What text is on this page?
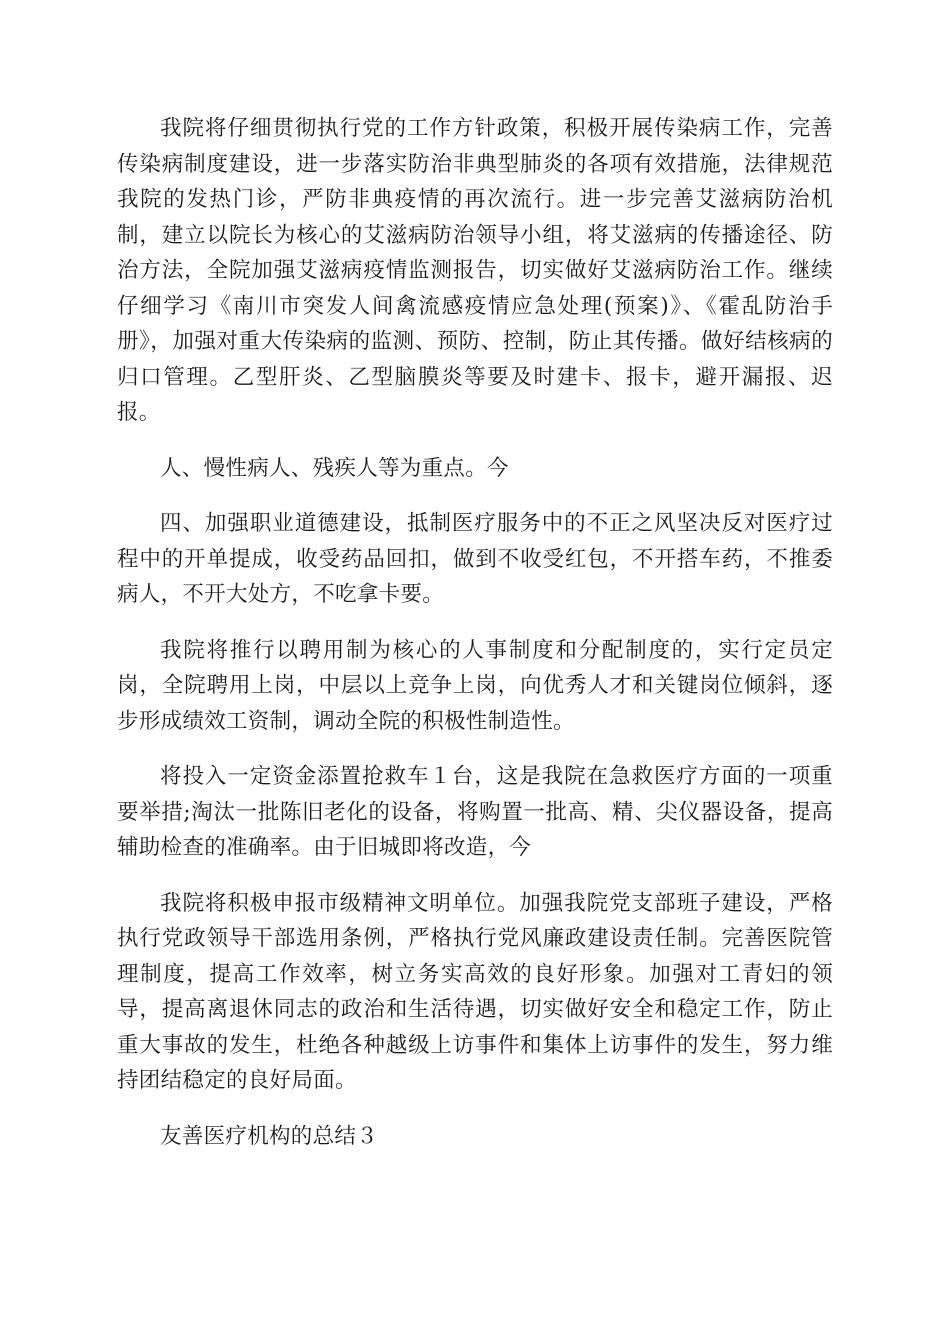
我院将仔细贯彻执行党的工作方针政策，积极开展传染病工作，完善传染病制度建设，进一步落实防治非典型肺炎的各项有效措施，法律规范我院的发热门诊，严防非典疫情的再次流行。进一步完善艾滋病防治机制，建立以院长为核心的艾滋病防治领导小组，将艾滋病的传播途径、防治方法，全院加强艾滋病疫情监测报告，切实做好艾滋病防治工作。继续仔细学习《南川市突发人间禽流感疫情应急处理(预案)》、《霍乱防治手册》，加强对重大传染病的监测、预防、控制，防止其传播。做好结核病的归口管理。乙型肝炎、乙型脑膜炎等要及时建卡、报卡，避开漏报、迟报。

人、慢性病人、残疾人等为重点。今

四、加强职业道德建设，抵制医疗服务中的不正之风坚决反对医疗过程中的开单提成，收受药品回扣，做到不收受红包，不开搭车药，不推委病人，不开大处方，不吃拿卡要。

我院将推行以聘用制为核心的人事制度和分配制度的，实行定员定岗，全院聘用上岗，中层以上竞争上岗，向优秀人才和关键岗位倾斜，逐步形成绩效工资制，调动全院的积极性制造性。

将投入一定资金添置抢救车１台，这是我院在急救医疗方面的一项重要举措;淘汰一批陈旧老化的设备，将购置一批高、精、尖仪器设备，提高辅助检查的准确率。由于旧城即将改造，今

我院将积极申报市级精神文明单位。加强我院党支部班子建设，严格执行党政领导干部选用条例，严格执行党风廉政建设责任制。完善医院管理制度，提高工作效率，树立务实高效的良好形象。加强对工青妇的领导，提高离退休同志的政治和生活待遇，切实做好安全和稳定工作，防止重大事故的发生，杜绝各种越级上访事件和集体上访事件的发生，努力维持团结稳定的良好局面。

友善医疗机构的总结３
